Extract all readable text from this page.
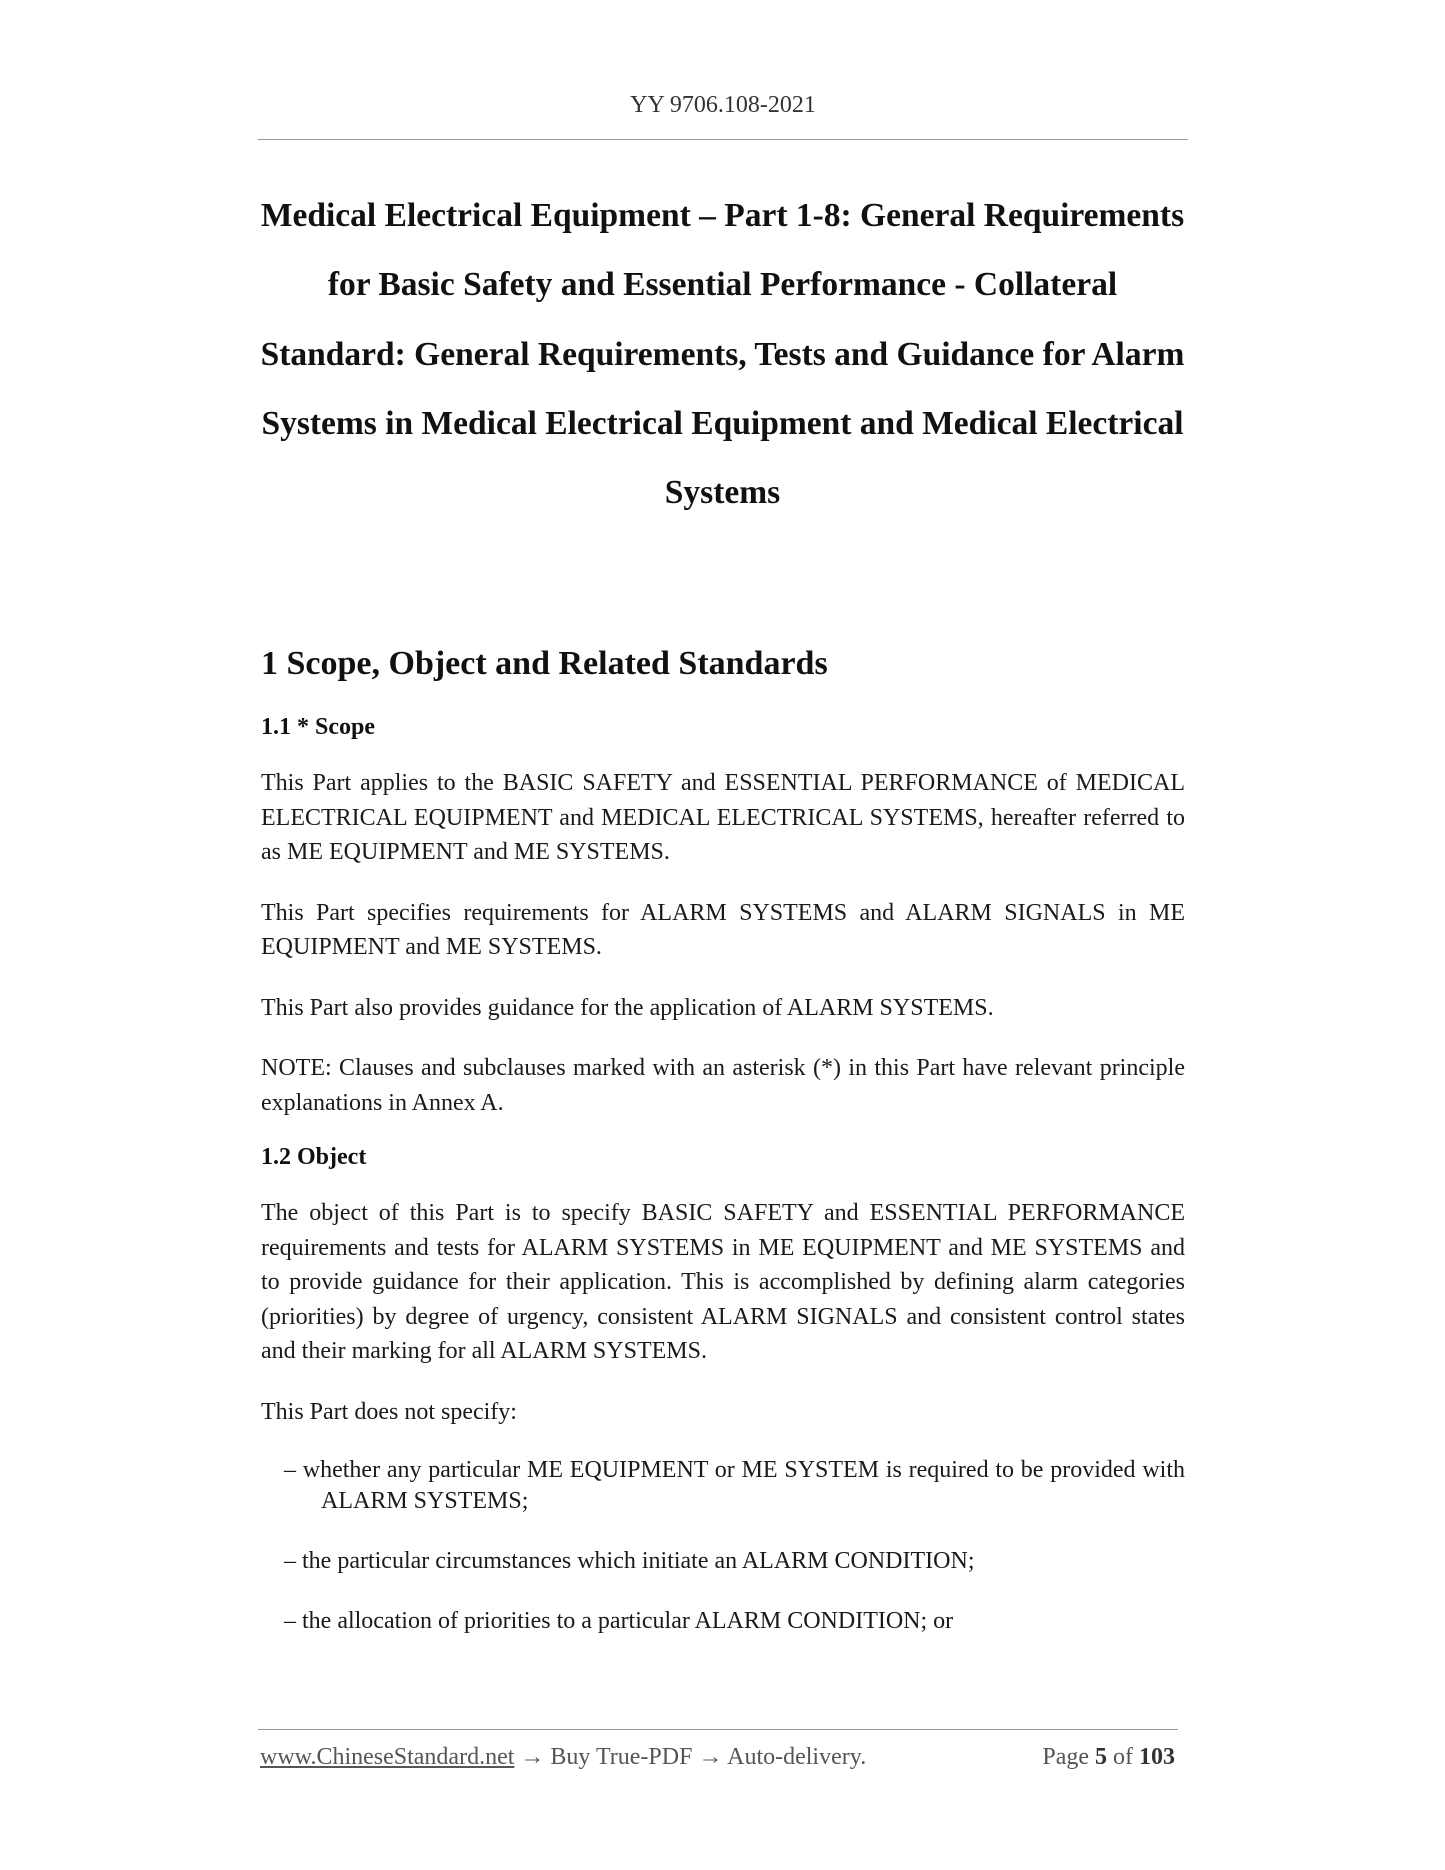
YY 9706.108-2021
Medical Electrical Equipment – Part 1-8: General Requirements
for Basic Safety and Essential Performance - Collateral
Standard: General Requirements, Tests and Guidance for Alarm
Systems in Medical Electrical Equipment and Medical Electrical
Systems
1 Scope, Object and Related Standards
1.1 * Scope

This Part applies to the BASIC SAFETY and ESSENTIAL PERFORMANCE of MEDICAL ELECTRICAL EQUIPMENT and MEDICAL ELECTRICAL SYSTEMS, hereafter referred to as ME EQUIPMENT and ME SYSTEMS.

This Part specifies requirements for ALARM SYSTEMS and ALARM SIGNALS in ME EQUIPMENT and ME SYSTEMS.

This Part also provides guidance for the application of ALARM SYSTEMS.

NOTE: Clauses and subclauses marked with an asterisk (*) in this Part have relevant principle explanations in Annex A.

1.2 Object

The object of this Part is to specify BASIC SAFETY and ESSENTIAL PERFORMANCE requirements and tests for ALARM SYSTEMS in ME EQUIPMENT and ME SYSTEMS and to provide guidance for their application. This is accomplished by defining alarm categories (priorities) by degree of urgency, consistent ALARM SIGNALS and consistent control states and their marking for all ALARM SYSTEMS.

This Part does not specify:

– whether any particular ME EQUIPMENT or ME SYSTEM is required to be provided with ALARM SYSTEMS;

– the particular circumstances which initiate an ALARM CONDITION;

– the allocation of priorities to a particular ALARM CONDITION; or

www.ChineseStandard.net → Buy True-PDF → Auto-delivery.	Page 5 of 103
